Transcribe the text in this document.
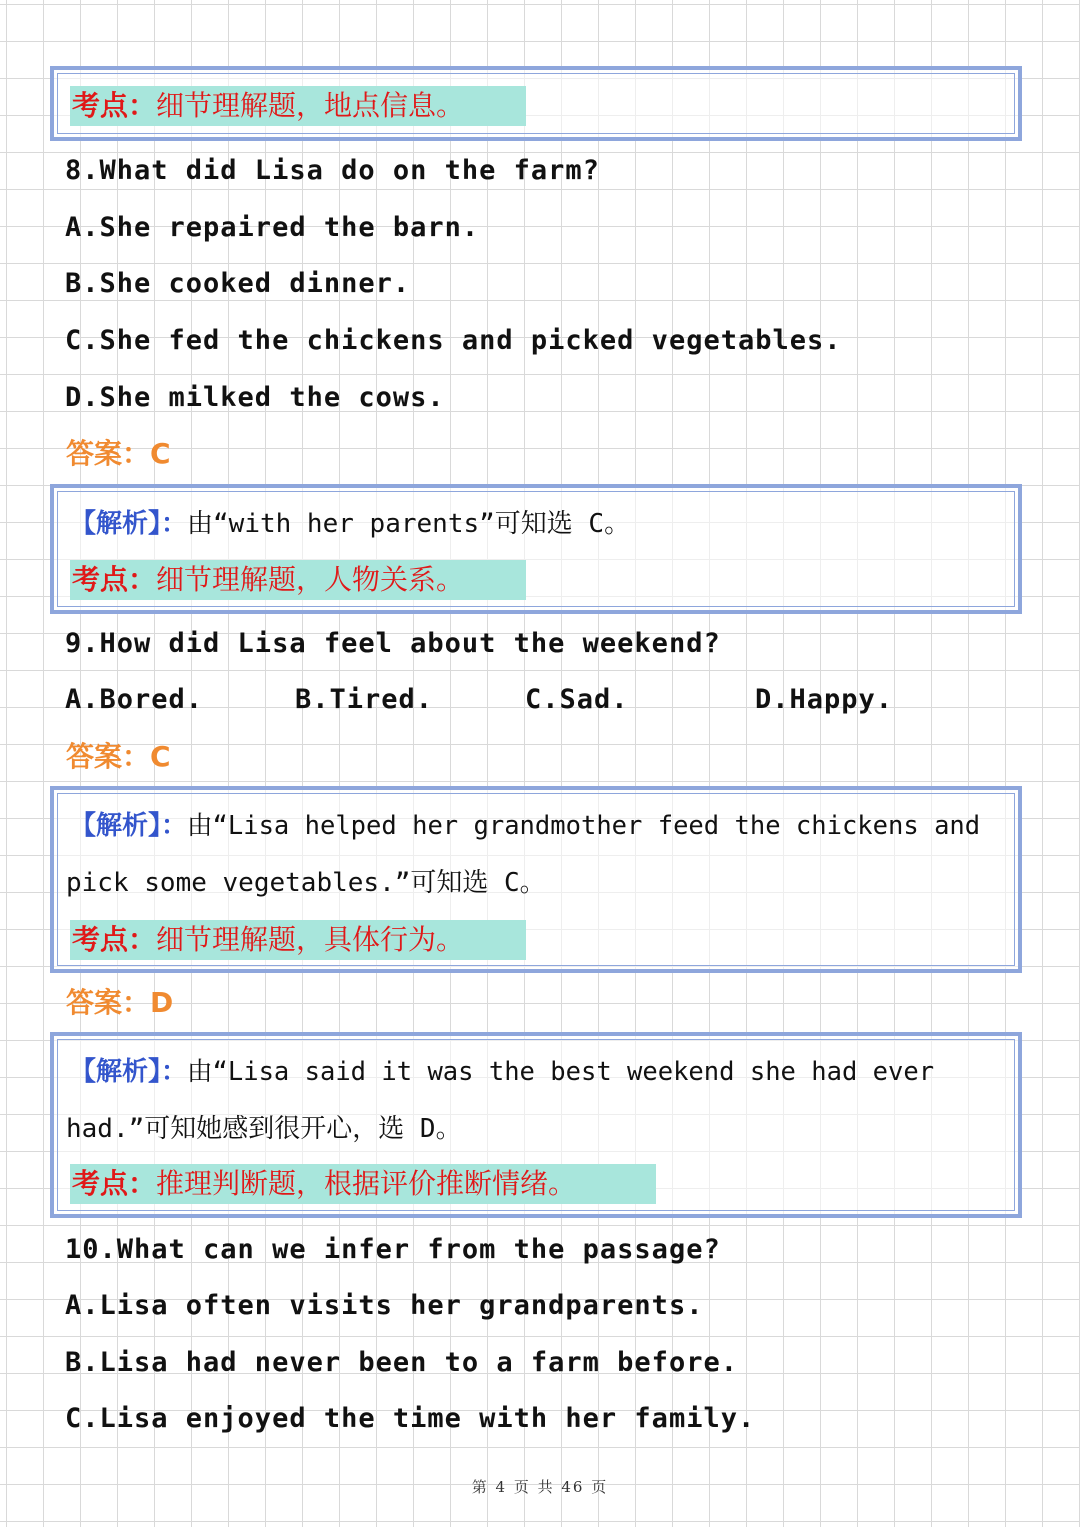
考点：细节理解题，地点信息。
8.What did Lisa do on the farm?
A.She repaired the barn.
B.She cooked dinner.
C.She fed the chickens and picked vegetables.
D.She milked the cows.
答案：C
【解析】：由“with her parents”可知选 C。
考点：细节理解题，人物关系。
9.How did Lisa feel about the weekend?
A.Bored.	B.Tired.	C.Sad.	D.Happy.
答案：C
【解析】：由“Lisa helped her grandmother feed the chickens and
pick some vegetables.”可知选 C。
考点：细节理解题，具体行为。
答案：D
【解析】：由“Lisa said it was the best weekend she had ever
had.”可知她感到很开心，选 D。
考点：推理判断题，根据评价推断情绪。
10.What can we infer from the passage?
A.Lisa often visits her grandparents.
B.Lisa had never been to a farm before.
C.Lisa enjoyed the time with her family.
第 4 页 共 46 页
